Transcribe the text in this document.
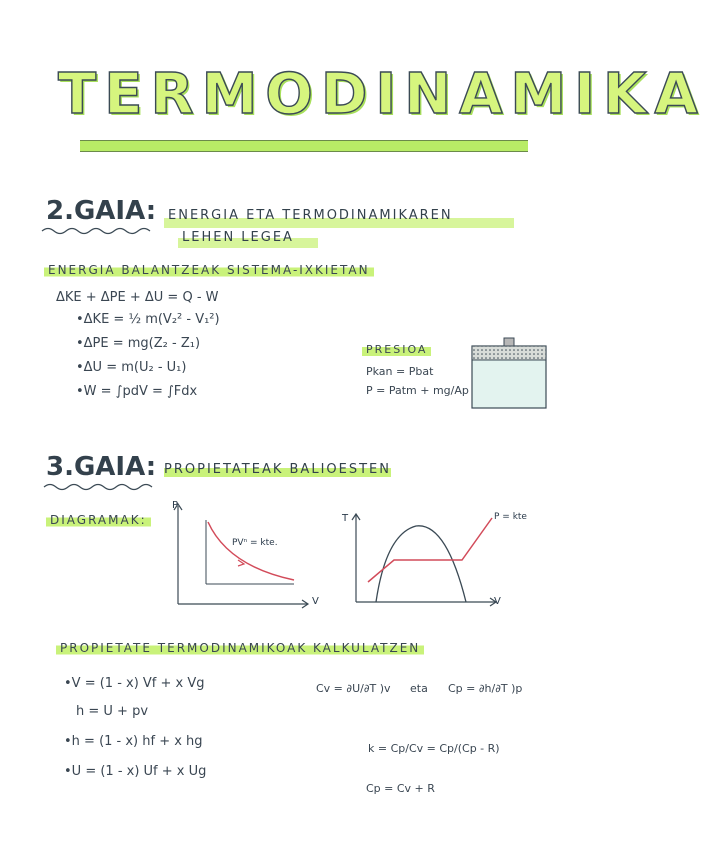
TERMODINAMIKA
2.GAIA: ENERGIA ETA TERMODINAMIKAREN
LEHEN LEGEA
ENERGIA BALANTZEAK SISTEMA-IXKIETAN
ΔKE + ΔPE + ΔU = Q - W
•ΔKE = ½ m(V₂² - V₁²)
•ΔPE = mg(Z₂ - Z₁)
•ΔU = m(U₂ - U₁)
•W = ∫pdV = ∫Fdx
PRESIOA
Pkan = Pbat
P = Patm + mg/Ap
3.GAIA: PROPIETATEAK BALIOESTEN
DIAGRAMAK:
P
V
PVⁿ = kte.
T
V
P = kte
PROPIETATE TERMODINAMIKOAK KALKULATZEN
•V = (1 - x) Vf + x Vg
h = U + pv
•h = (1 - x) hf + x hg
•U = (1 - x) Uf + x Ug
Cv = ∂U/∂T )v eta Cp = ∂h/∂T )p
k = Cp/Cv = Cp/(Cp - R)
Cp = Cv + R
